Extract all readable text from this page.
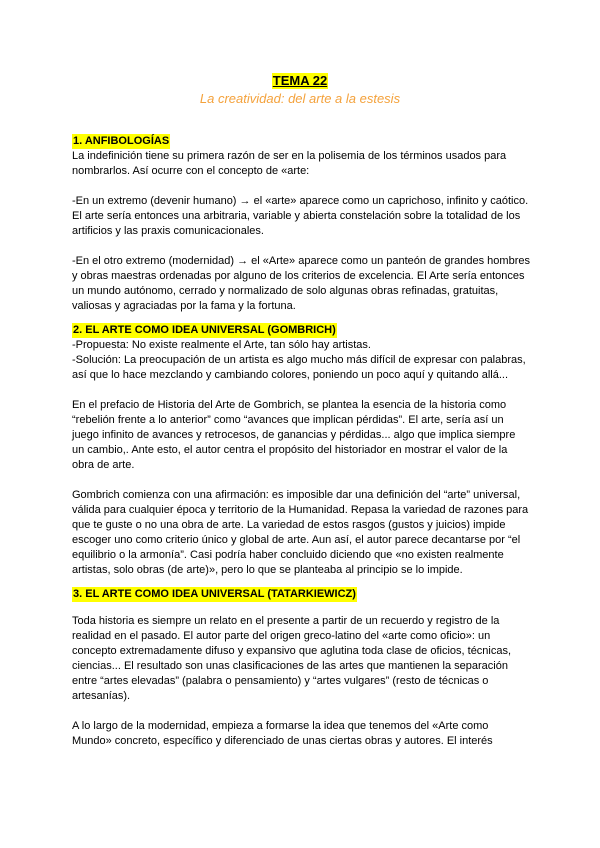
TEMA 22
La creatividad: del arte a la estesis

1. ANFIBOLOGÍAS

La indefinición tiene su primera razón de ser en la polisemia de los términos usados para nombrarlos. Así ocurre con el concepto de «arte:

-En un extremo (devenir humano) → el «arte» aparece como un caprichoso, infinito y caótico. El arte sería entonces una arbitraria, variable y abierta constelación sobre la totalidad de los artificios y las praxis comunicacionales.

-En el otro extremo (modernidad) → el «Arte» aparece como un panteón de grandes hombres y obras maestras ordenadas por alguno de los criterios de excelencia. El Arte sería entonces un mundo autónomo, cerrado y normalizado de solo algunas obras refinadas, gratuitas, valiosas y agraciadas por la fama y la fortuna.

2. EL ARTE COMO IDEA UNIVERSAL (GOMBRICH)

-Propuesta: No existe realmente el Arte, tan sólo hay artistas.

-Solución: La preocupación de un artista es algo mucho más difícil de expresar con palabras, así que lo hace mezclando y cambiando colores, poniendo un poco aquí y quitando allá...

En el prefacio de Historia del Arte de Gombrich, se plantea la esencia de la historia como “rebelión frente a lo anterior” como “avances que implican pérdidas”. El arte, sería así un juego infinito de avances y retrocesos, de ganancias y pérdidas... algo que implica siempre un cambio,. Ante esto, el autor centra el propósito del historiador en mostrar el valor de la obra de arte.

Gombrich comienza con una afirmación: es imposible dar una definición del “arte” universal, válida para cualquier época y territorio de la Humanidad. Repasa la variedad de razones para que te guste o no una obra de arte. La variedad de estos rasgos (gustos y juicios) impide escoger uno como criterio único y global de arte. Aun así, el autor parece decantarse por “el equilibrio o la armonía”. Casi podría haber concluido diciendo que «no existen realmente artistas, solo obras (de arte)», pero lo que se planteaba al principio se lo impide.

3. EL ARTE COMO IDEA UNIVERSAL (TATARKIEWICZ)

Toda historia es siempre un relato en el presente a partir de un recuerdo y registro de la realidad en el pasado. El autor parte del origen greco-latino del «arte como oficio»: un concepto extremadamente difuso y expansivo que aglutina toda clase de oficios, técnicas, ciencias... El resultado son unas clasificaciones de las artes que mantienen la separación entre “artes elevadas” (palabra o pensamiento) y “artes vulgares” (resto de técnicas o artesanías).

A lo largo de la modernidad, empieza a formarse la idea que tenemos del «Arte como Mundo» concreto, específico y diferenciado de unas ciertas obras y autores. El interés
